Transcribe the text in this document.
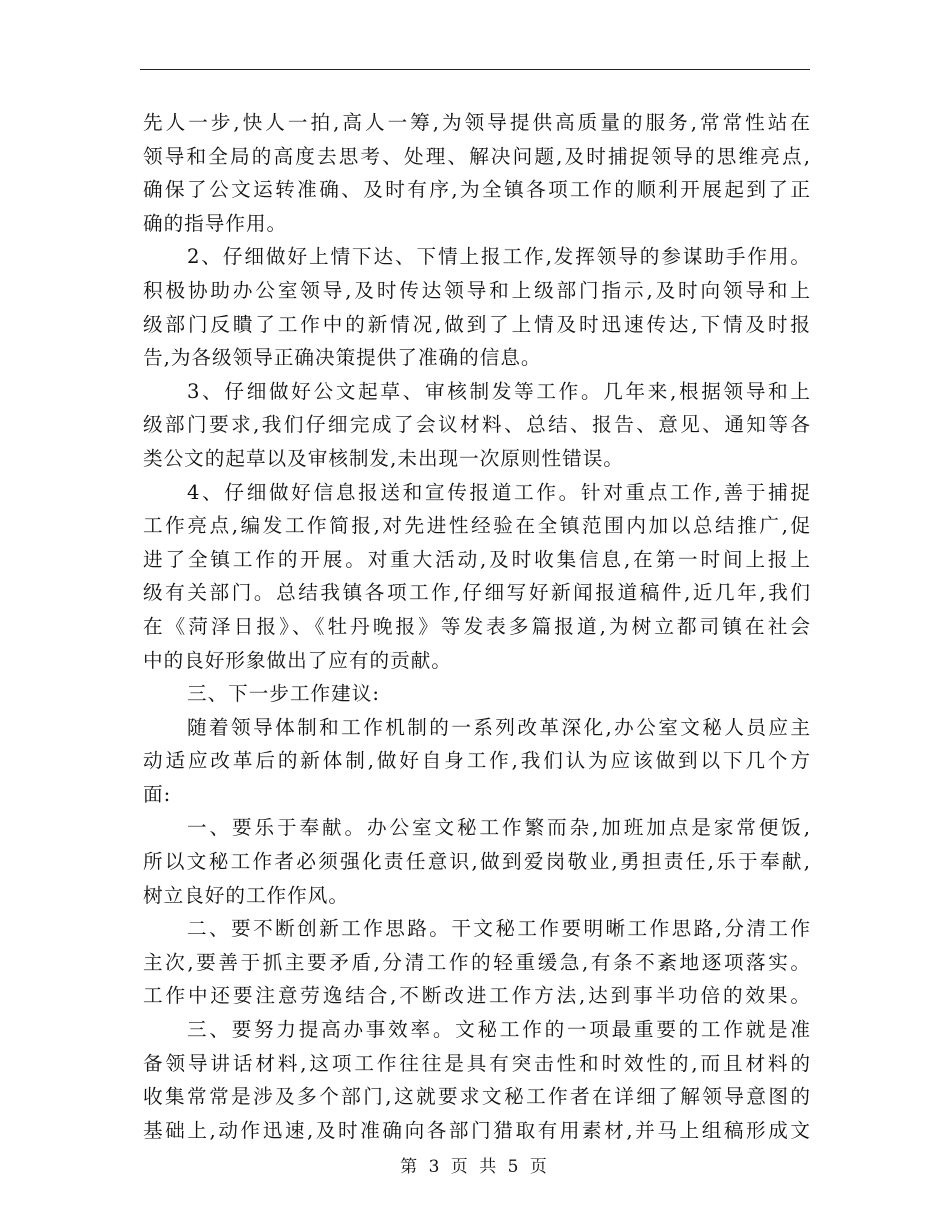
先人一步,快人一拍,高人一筹,为领导提供高质量的服务,常常性站在
领导和全局的高度去思考、处理、解决问题,及时捕捉领导的思维亮点,
确保了公文运转准确、及时有序,为全镇各项工作的顺利开展起到了正
确的指导作用。
2、仔细做好上情下达、下情上报工作,发挥领导的参谋助手作用。
积极协助办公室领导,及时传达领导和上级部门指示,及时向领导和上
级部门反瞶了工作中的新情况,做到了上情及时迅速传达,下情及时报
告,为各级领导正确决策提供了准确的信息。
3、仔细做好公文起草、审核制发等工作。几年来,根据领导和上
级部门要求,我们仔细完成了会议材料、总结、报告、意见、通知等各
类公文的起草以及审核制发,未出现一次原则性错误。
4、仔细做好信息报送和宣传报道工作。针对重点工作,善于捕捉
工作亮点,编发工作简报,对先进性经验在全镇范围内加以总结推广,促
进了全镇工作的开展。对重大活动,及时收集信息,在第一时间上报上
级有关部门。总结我镇各项工作,仔细写好新闻报道稿件,近几年,我们
在《菏泽日报》、《牡丹晚报》等发表多篇报道,为树立都司镇在社会
中的良好形象做出了应有的贡献。
三、下一步工作建议:
随着领导体制和工作机制的一系列改革深化,办公室文秘人员应主
动适应改革后的新体制,做好自身工作,我们认为应该做到以下几个方
面:
一、要乐于奉献。办公室文秘工作繁而杂,加班加点是家常便饭,
所以文秘工作者必须强化责任意识,做到爱岗敬业,勇担责任,乐于奉献,
树立良好的工作作风。
二、要不断创新工作思路。干文秘工作要明晰工作思路,分清工作
主次,要善于抓主要矛盾,分清工作的轻重缓急,有条不紊地逐项落实。
工作中还要注意劳逸结合,不断改进工作方法,达到事半功倍的效果。
三、要努力提高办事效率。文秘工作的一项最重要的工作就是准
备领导讲话材料,这项工作往往是具有突击性和时效性的,而且材料的
收集常常是涉及多个部门,这就要求文秘工作者在详细了解领导意图的
基础上,动作迅速,及时准确向各部门猎取有用素材,并马上组稿形成文
第 3 页 共 5 页
